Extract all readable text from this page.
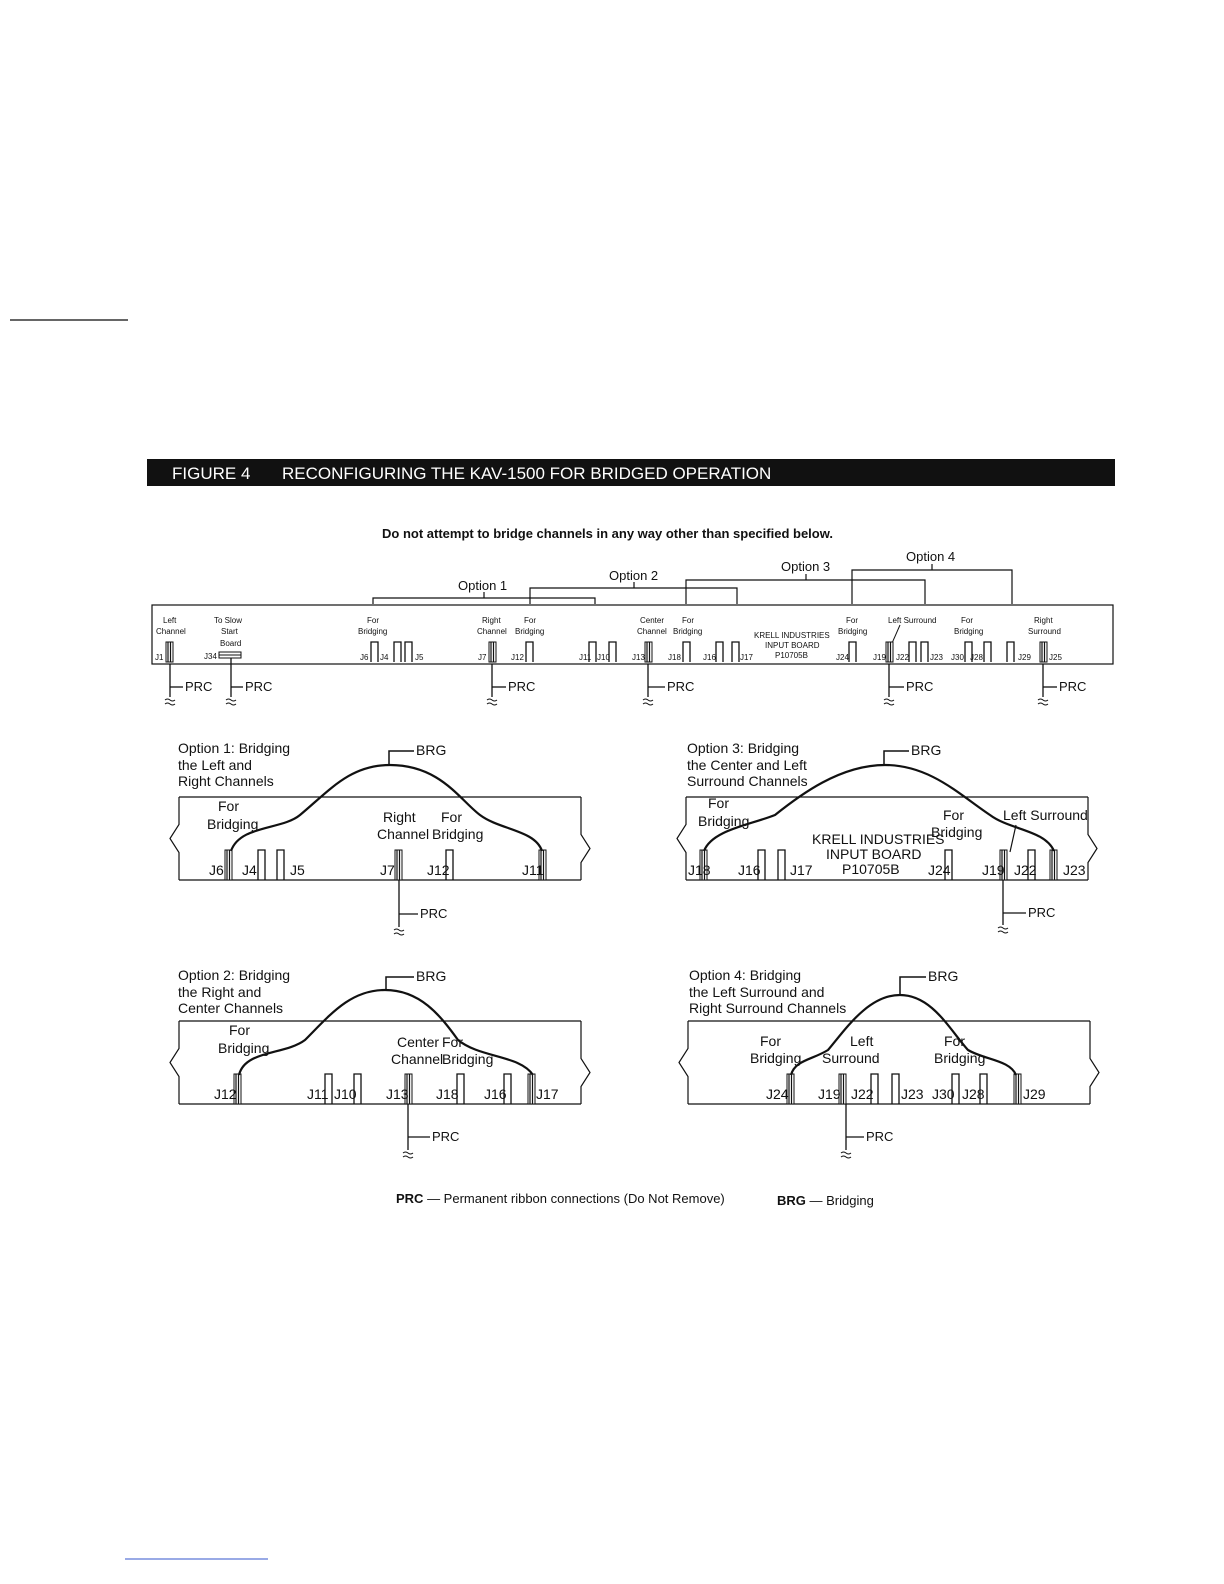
FIGURE 4 RECONFIGURING THE KAV-1500 FOR BRIDGED OPERATION
Do not attempt to bridge channels in any way other than specified below.
Option 1
Option 2
Option 3
Option 4
Left
Channel
To Slow
Start
Board
For
Bridging
Right
Channel
For
Bridging
Center
Channel
For
Bridging	KRELL INDUSTRIES
INPUT BOARD
P10705B
For
Bridging
Left Surround	For
Bridging
Right
Surround
J1	J6 J4	J5	J7	J12	J11 J10	J13	J18	J16	J17	J24	J19 J22	J23 J30 J28	J29 J25
J34
PRC	PRC	PRC	PRC	PRC	PRC
Option 1: Bridging
the Left and
Right Channels
For
Bridging	Right
Channel
For
Bridging
J6 J4 J5	J7 J12	J11
BRG
PRC
Option 3: Bridging
the Center and Left
Surround Channels
For
Bridging	For
Bridging
Left Surround
KRELL INDUSTRIES
INPUT BOARD
P10705B
J18 J16 J17	J24 J19 J22 J23
BRG
PRC
Option 2: Bridging
the Right and
Center Channels
For
Bridging	Center
Channel
For
Bridging
J12	J11 J10 J13 J18 J16 J17
BRG
PRC
Option 4: Bridging
the Left Surround and
Right Surround Channels
For
Bridging
Left
Surround
For
Bridging
J24 J19 J22 J23 J30 J28	J29
BRG
PRC
PRC — Permanent ribbon connections (Do Not Remove)	BRG — Bridging
